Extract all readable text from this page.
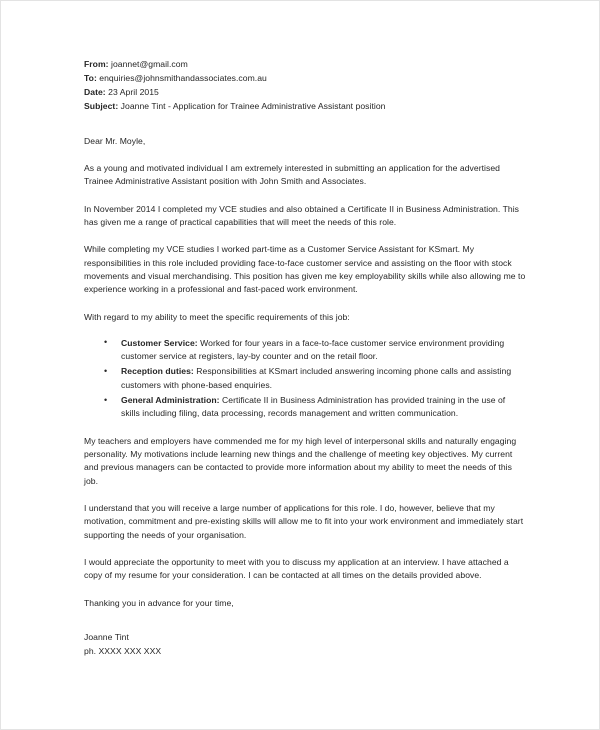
From: joannet@gmail.com

To: enquiries@johnsmithandassociates.com.au

Date: 23 April 2015

Subject: Joanne Tint - Application for Trainee Administrative Assistant position

Dear Mr. Moyle,

As a young and motivated individual I am extremely interested in submitting an application for the advertised Trainee Administrative Assistant position with John Smith and Associates.

In November 2014 I completed my VCE studies and also obtained a Certificate II in Business Administration. This has given me a range of practical capabilities that will meet the needs of this role.

While completing my VCE studies I worked part-time as a Customer Service Assistant for KSmart. My responsibilities in this role included providing face-to-face customer service and assisting on the floor with stock movements and visual merchandising. This position has given me key employability skills while also allowing me to experience working in a professional and fast-paced work environment.

With regard to my ability to meet the specific requirements of this job:

• Customer Service: Worked for four years in a face-to-face customer service environment providing customer service at registers, lay-by counter and on the retail floor.
• Reception duties: Responsibilities at KSmart included answering incoming phone calls and assisting customers with phone-based enquiries.
• General Administration: Certificate II in Business Administration has provided training in the use of skills including filing, data processing, records management and written communication.

My teachers and employers have commended me for my high level of interpersonal skills and naturally engaging personality. My motivations include learning new things and the challenge of meeting key objectives. My current and previous managers can be contacted to provide more information about my ability to meet the needs of this job.

I understand that you will receive a large number of applications for this role. I do, however, believe that my motivation, commitment and pre-existing skills will allow me to fit into your work environment and immediately start supporting the needs of your organisation.

I would appreciate the opportunity to meet with you to discuss my application at an interview. I have attached a copy of my resume for your consideration. I can be contacted at all times on the details provided above.

Thanking you in advance for your time,

Joanne Tint

ph. XXXX XXX XXX
